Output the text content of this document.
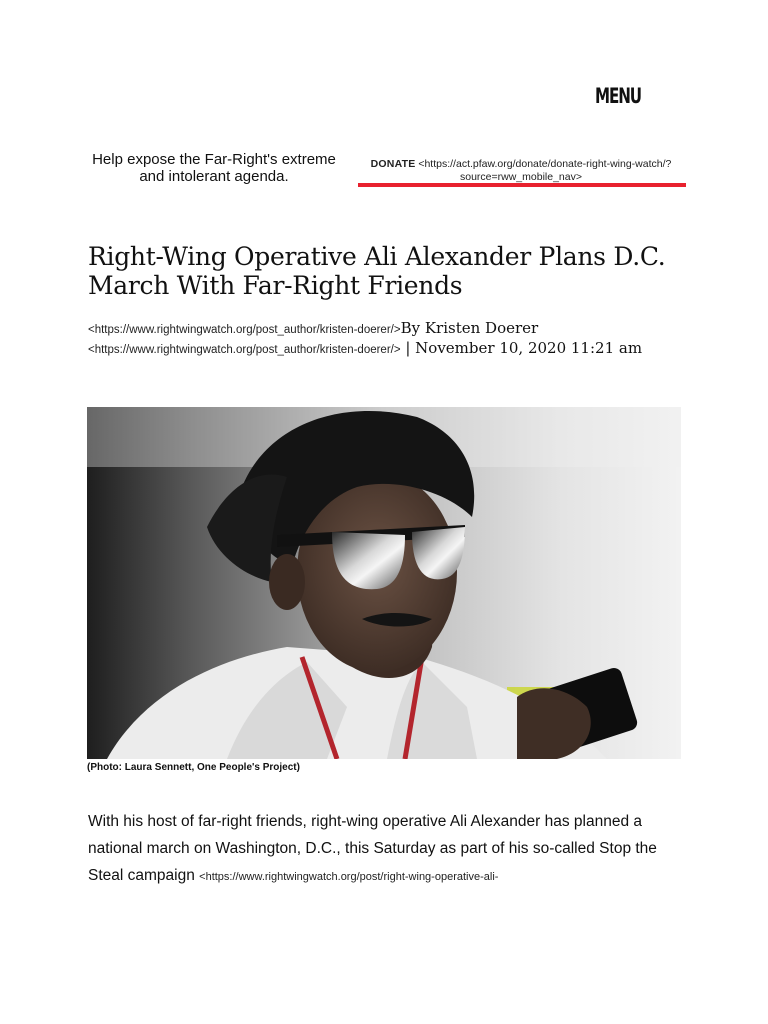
MENU
Help expose the Far-Right's extreme and intolerant agenda.
DONATE <https://act.pfaw.org/donate/donate-right-wing-watch/?source=rww_mobile_nav>
Right-Wing Operative Ali Alexander Plans D.C. March With Far-Right Friends
<https://www.rightwingwatch.org/post_author/kristen-doerer/>By Kristen Doerer <https://www.rightwingwatch.org/post_author/kristen-doerer/> | November 10, 2020 11:21 am
(Photo: Laura Sennett, One People's Project)
With his host of far-right friends, right-wing operative Ali Alexander has planned a national march on Washington, D.C., this Saturday as part of his so-called Stop the Steal campaign <https://www.rightwingwatch.org/post/right-wing-operative-ali-
